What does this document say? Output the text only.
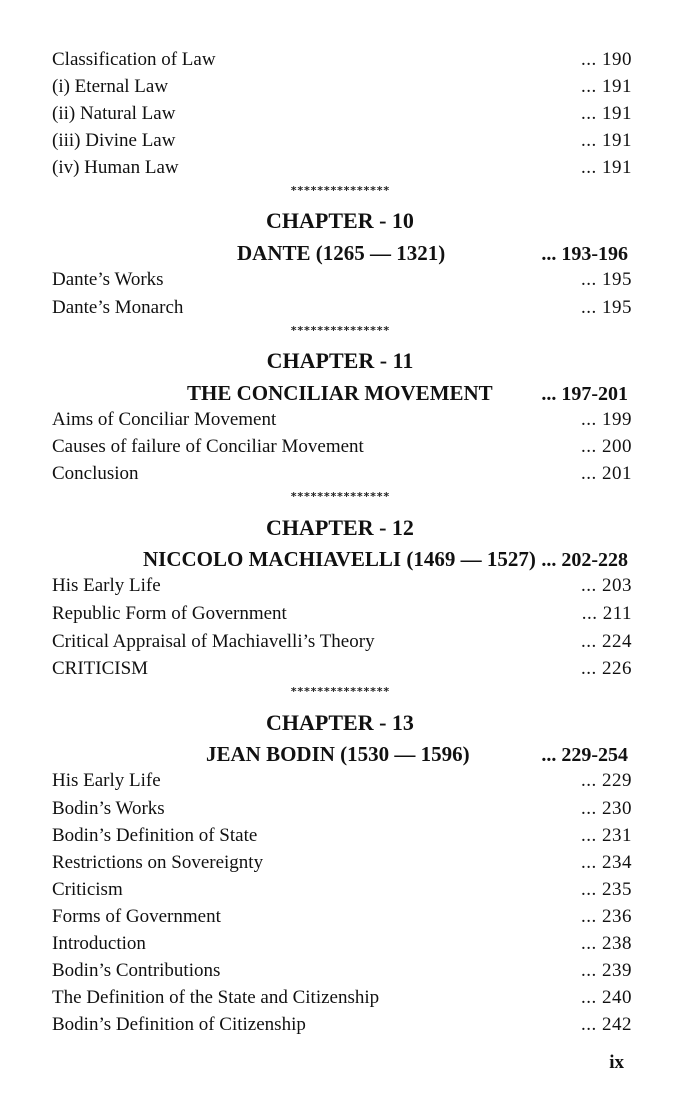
Classification of Law	... 190
(i) Eternal Law	... 191
(ii) Natural Law	... 191
(iii) Divine Law	... 191
(iv) Human Law	... 191
***************
CHAPTER - 10
DANTE (1265 — 1321)	... 193-196
Dante’s Works	... 195
Dante’s Monarch	... 195
***************
CHAPTER - 11
THE CONCILIAR MOVEMENT ... 197-201
Aims of Conciliar Movement	... 199
Causes of failure of Conciliar Movement	... 200
Conclusion	... 201
***************
CHAPTER - 12
NICCOLO MACHIAVELLI (1469 — 1527) ... 202-228
His Early Life	... 203
Republic Form of Government	... 211
Critical Appraisal of Machiavelli’s Theory	... 224
CRITICISM	... 226
***************
CHAPTER - 13
JEAN BODIN (1530 — 1596)	... 229-254
His Early Life	... 229
Bodin’s Works	... 230
Bodin’s Definition of State	... 231
Restrictions on Sovereignty	... 234
Criticism	... 235
Forms of Government	... 236
Introduction	... 238
Bodin’s Contributions	... 239
The Definition of the State and Citizenship	... 240
Bodin’s Definition of Citizenship	... 242
ix
